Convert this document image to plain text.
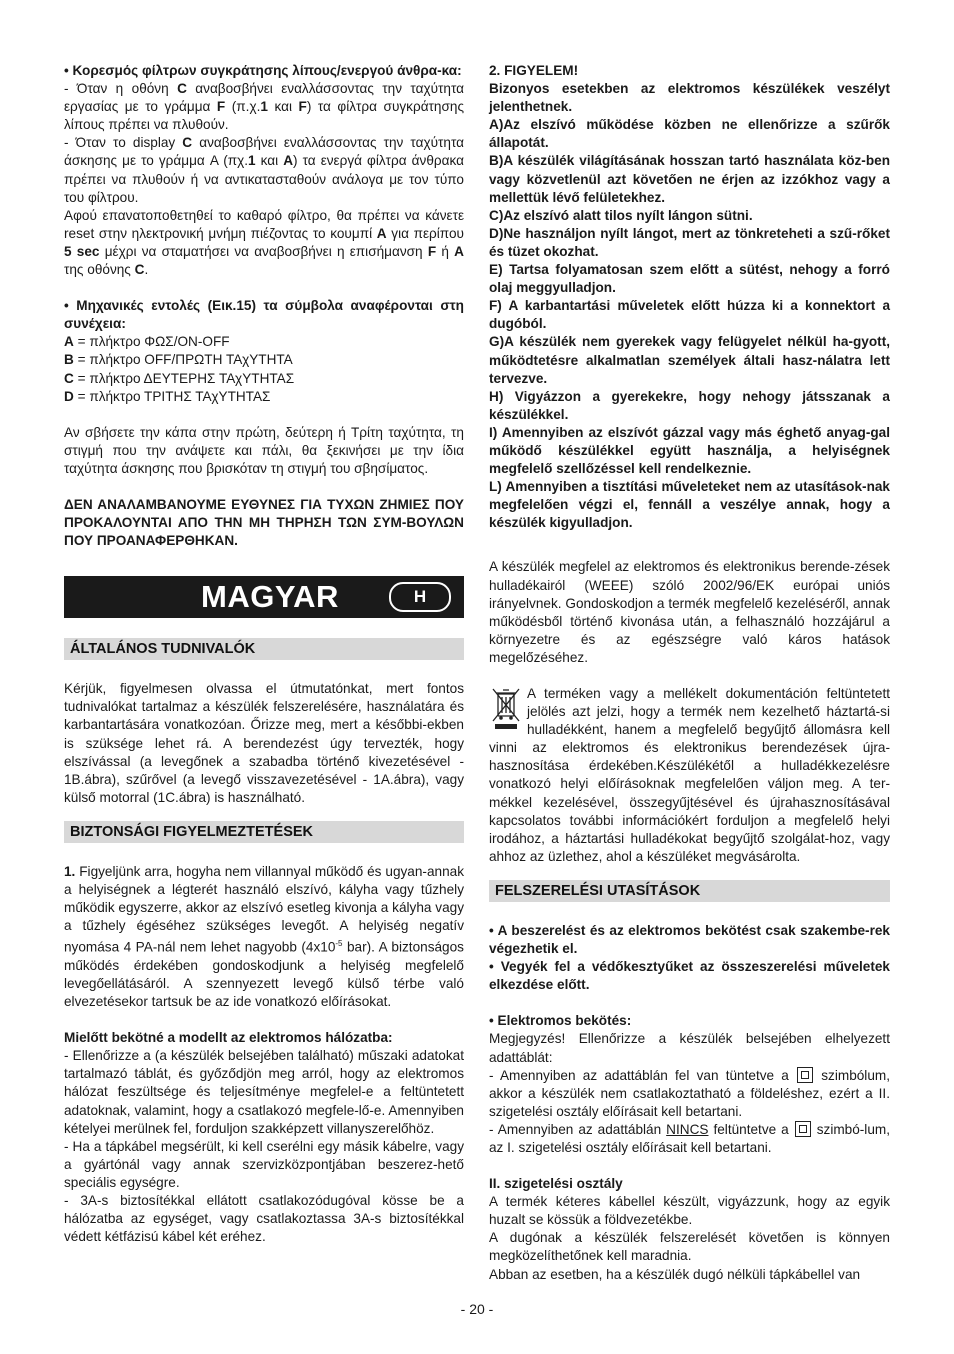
• Κορεσμός φίλτρων συγκράτησης λίπους/ενεργού άνθρα-κα:

- Όταν η οθόνη C αναβοσβήνει εναλλάσσοντας την ταχύτητα εργασίας με το γράμμα F (π.χ.1 και F) τα φίλτρα συγκράτησης λίπους πρέπει να πλυθούν.

- Όταν το display C αναβοσβήνει εναλλάσσοντας την ταχύτητα άσκησης με το γράμμα A (πχ.1 και A) τα ενεργά φίλτρα άνθρακα πρέπει να πλυθούν ή να αντικατασταθούν ανάλογα με τον τύπο του φίλτρου.

Αφού επανατοποθετηθεί το καθαρό φίλτρο, θα πρέπει να κάνετε reset στην ηλεκτρονική μνήμη πιέζοντας το κουμπί A για περίπου 5 sec μέχρι να σταματήσει να αναβοσβήνει η επισήμανση F ή A της οθόνης C.

• Μηχανικές εντολές (Εικ.15) τα σύμβολα αναφέρονται στη συνέχεια:

A = πλήκτρο ΦΩΣ/ON-OFF

B = πλήκτρο OFF/ΠΡΩΤΗ ΤΑχΥΤΗΤΑ

C = πλήκτρο ΔΕΥΤΕΡΗΣ ΤΑχΥΤΗΤΑΣ

D = πλήκτρο ΤΡΙΤΗΣ ΤΑχΥΤΗΤΑΣ

Αν σβήσετε την κάπα στην πρώτη, δεύτερη ή Τρίτη ταχύτητα, τη στιγμή που την ανάψετε και πάλι, θα ξεκινήσει με την ίδια ταχύτητα άσκησης που βρισκόταν τη στιγμή του σβησίματος.

ΔΕΝ ΑΝΑΛΑΜΒΑΝΟΥΜΕ ΕΥΘΥΝΕΣ ΓΙΑ ΤΥΧΩΝ ΖΗΜΙΕΣ ΠΟΥ ΠΡΟΚΑΛΟΥΝΤΑΙ ΑΠΟ ΤΗΝ ΜΗ ΤΗΡΗΣΗ ΤΩΝ ΣΥΜ-ΒΟΥΛΩΝ ΠΟΥ ΠΡΟΑΝΑΦΕΡΘΗΚΑΝ.

MAGYAR	H
ÁLTALÁNOS TUDNIVALÓK

Kérjük, figyelmesen olvassa el útmutatónkat, mert fontos tudnivalókat tartalmaz a készülék felszerelésére, használatára és karbantartására vonatkozóan. Őrizze meg, mert a későbbi-ekben is szüksége lehet rá. A berendezést úgy tervezték, hogy elszívással (a levegőnek a szabadba történő kivezetésével - 1B.ábra), szűrővel (a levegő visszavezetésével - 1A.ábra), vagy külső motorral (1C.ábra) is használható.

BIZTONSÁGI FIGYELMEZTETÉSEK

1. Figyeljünk arra, hogyha nem villannyal működő és ugyan-annak a helyiségnek a légterét használó elszívó, kályha vagy tűzhely működik egyszerre, akkor az elszívó esetleg kivonja a kályha vagy a tűzhely égéséhez szükséges levegőt. A helyiség negatív nyomása 4 PA-nál nem lehet nagyobb ($4x10^{-5}$ bar). A biztonságos működés érdekében gondoskodjunk a helyiség megfelelő levegőellátásáról. A szennyezett levegő külső térbe való elvezetésekor tartsuk be az ide vonatkozó előírásokat.

Mielőtt bekötné a modellt az elektromos hálózatba:

- Ellenőrizze a (a készülék belsejében található) műszaki adatokat tartalmazó táblát, és győződjön meg arról, hogy az elektromos hálózat feszültsége és teljesítménye megfelel-e a feltüntetett adatoknak, valamint, hogy a csatlakozó megfele-lő-e. Amennyiben kételyei merülnek fel, forduljon szakképzett villanyszerelőhöz.

- Ha a tápkábel megsérült, ki kell cserélni egy másik kábelre, vagy a gyártónál vagy annak szervizközpontjában beszerez-hető speciális egységre.

- 3A-s biztosítékkal ellátott csatlakozódugóval kösse be a hálózatba az egységet, vagy csatlakoztassa 3A-s biztosítékkal védett kétfázisú kábel két eréhez.

2. FIGYELEM!

Bizonyos esetekben az elektromos készülékek veszélyt jelenthetnek.

A)Az elszívó működése közben ne ellenőrizze a szűrők állapotát.

B)A készülék világításának hosszan tartó használata köz-ben vagy közvetlenül azt követően ne érjen az izzókhoz vagy a mellettük lévő felületekhez.

C)Az elszívó alatt tilos nyílt lángon sütni.

D)Ne használjon nyílt lángot, mert az tönkreteheti a szű-rőket és tüzet okozhat.

E) Tartsa folyamatosan szem előtt a sütést, nehogy a forró olaj meggyulladjon.

F) A karbantartási műveletek előtt húzza ki a konnektort a dugóból.

G)A készülék nem gyerekek vagy felügyelet nélkül ha-gyott, működtetésre alkalmatlan személyek általi hasz-nálatra lett tervezve.

H) Vigyázzon a gyerekekre, hogy nehogy játsszanak a készülékkel.

I) Amennyiben az elszívót gázzal vagy más éghető anyag-gal működő készülékkel együtt használja, a helyiségnek megfelelő szellőzéssel kell rendelkeznie.

L) Amennyiben a tisztítási műveleteket nem az utasítások-nak megfelelően végzi el, fennáll a veszélye annak, hogy a készülék kigyulladjon.

A készülék megfelel az elektromos és elektronikus berende-zések hulladékairól (WEEE) szóló 2002/96/EK európai uniós irányelvnek. Gondoskodjon a termék megfelelő kezeléséről, annak működésből történő kivonása után, a felhasználó hozzájárul a környezetre és az egészségre való káros hatások megelőzéséhez.

A terméken vagy a mellékelt dokumentáción feltüntetett jelölés azt jelzi, hogy a termék nem kezelhető háztartá-si hulladékként, hanem a megfelelő begyűjtő állomásra kell vinni az elektromos és elektronikus berendezések újra-hasznosítása érdekében.Készülékétől a hulladékkezelésre vonatkozó helyi előírásoknak megfelelően váljon meg. A ter-mékkel kezelésével, összegyűjtésével és újrahasznosításával kapcsolatos további információkért forduljon a megfelelő helyi irodához, a háztartási hulladékokat begyűjtő szolgálat-hoz, vagy ahhoz az üzlethez, ahol a készüléket megvásárolta.

FELSZERELÉSI UTASÍTÁSOK

• A beszerelést és az elektromos bekötést csak szakembe-rek végezhetik el.

• Vegyék fel a védőkesztyűket az összeszerelési műveletek elkezdése előtt.

• Elektromos bekötés:

Megjegyzés! Ellenőrizze a készülék belsejében elhelyezett adattáblát:

- Amennyiben az adattáblán fel van tüntetve a  szimbólum, akkor a készülék nem csatlakoztatható a földeléshez, ezért a II. szigetelési osztály előírásait kell betartani.

- Amennyiben az adattáblán NINCS feltüntetve a  szimbó-lum, az I. szigetelési osztály előírásait kell betartani.

II. szigetelési osztály

A termék kéteres kábellel készült, vigyázzunk, hogy az egyik huzalt se kössük a földvezetékbe.

A dugónak a készülék felszerelését követően is könnyen megközelíthetőnek kell maradnia.

Abban az esetben, ha a készülék dugó nélküli tápkábellel van

- 20 -
